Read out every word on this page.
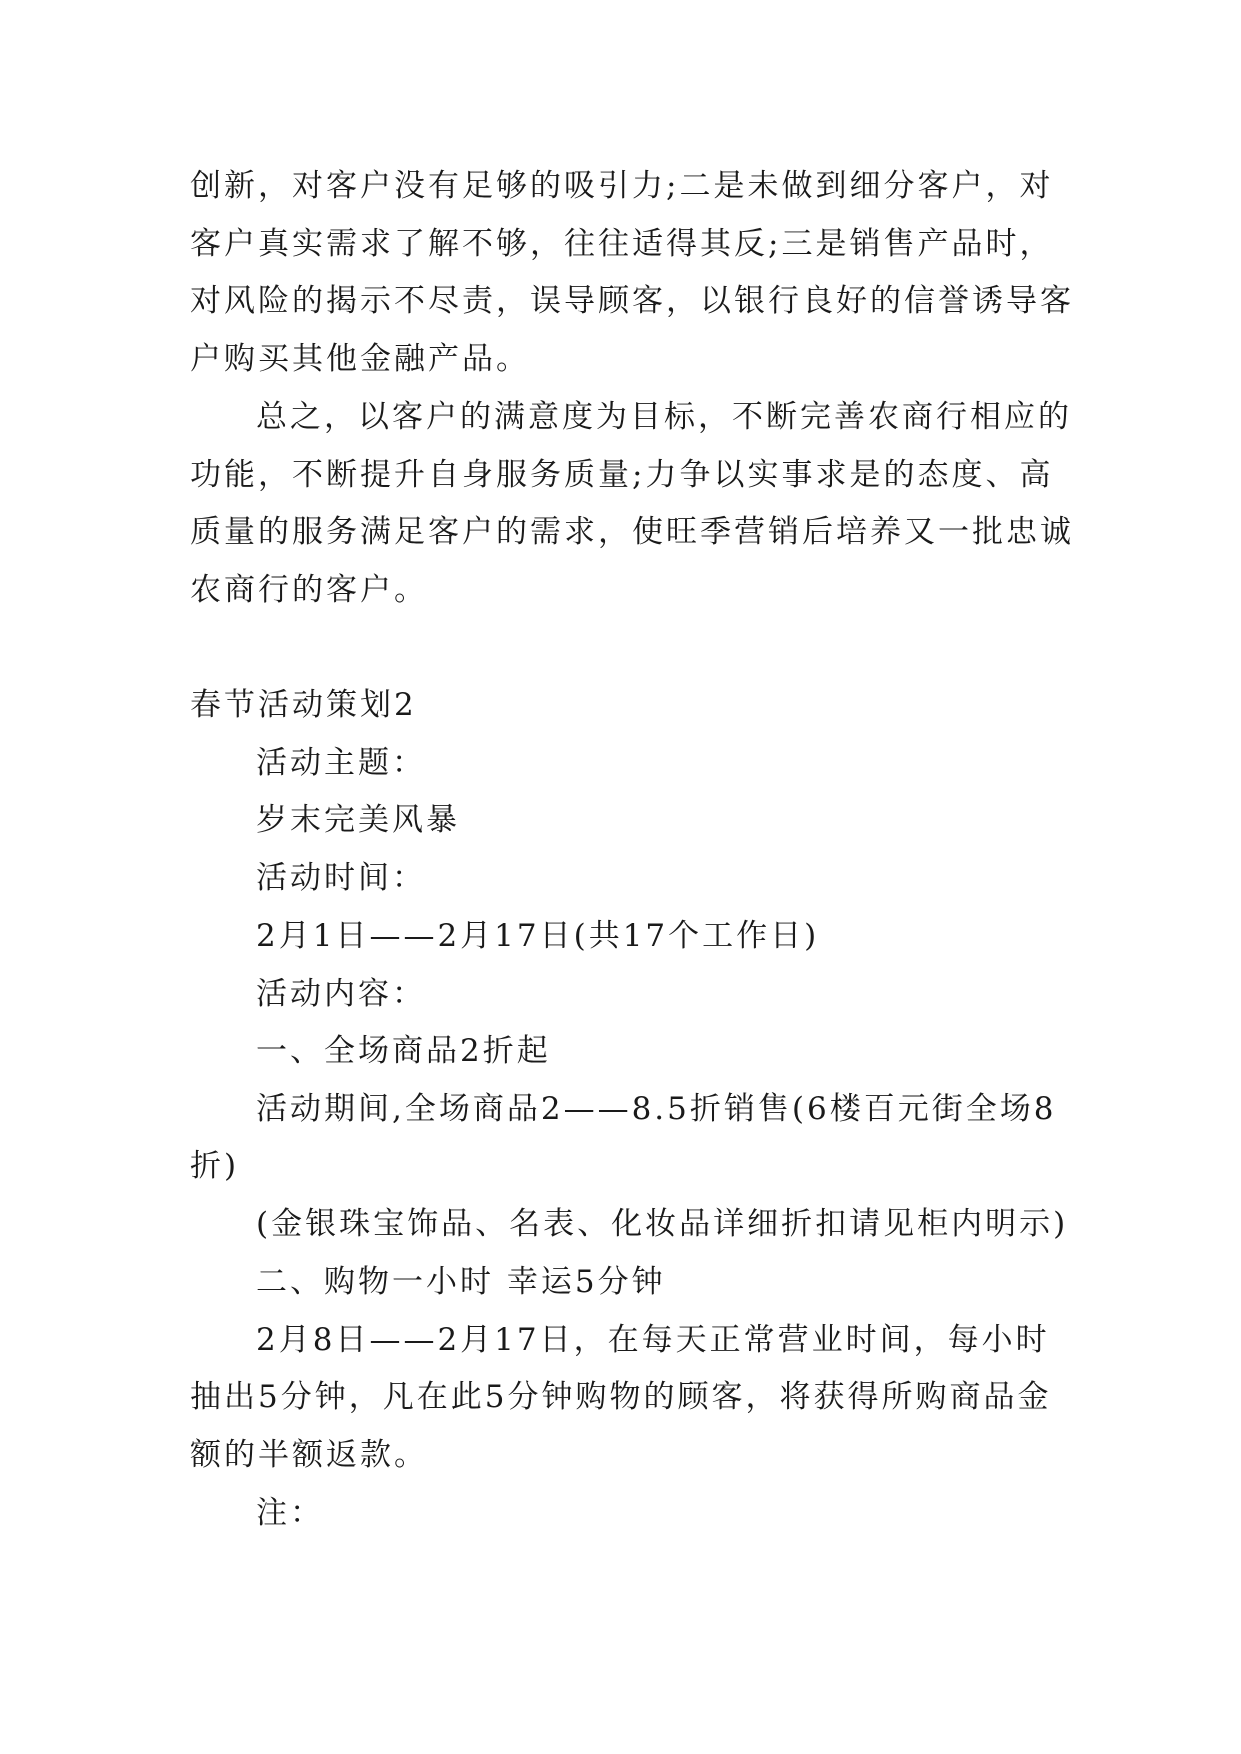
创新，对客户没有足够的吸引力;二是未做到细分客户，对
客户真实需求了解不够，往往适得其反;三是销售产品时，
对风险的揭示不尽责，误导顾客，以银行良好的信誉诱导客
户购买其他金融产品。
总之，以客户的满意度为目标，不断完善农商行相应的
功能，不断提升自身服务质量;力争以实事求是的态度、高
质量的服务满足客户的需求，使旺季营销后培养又一批忠诚
农商行的客户。
春节活动策划2
活动主题：
岁末完美风暴
活动时间：
2月1日——2月17日(共17个工作日)
活动内容：
一、全场商品2折起
活动期间,全场商品2——8.5折销售(6楼百元街全场8
折)
(金银珠宝饰品、名表、化妆品详细折扣请见柜内明示)
二、购物一小时 幸运5分钟
2月8日——2月17日，在每天正常营业时间，每小时
抽出5分钟，凡在此5分钟购物的顾客，将获得所购商品金
额的半额返款。
注：
